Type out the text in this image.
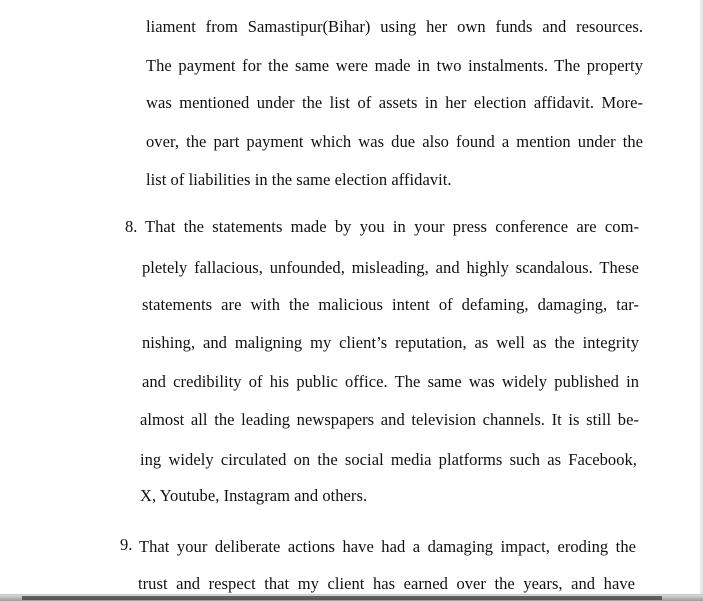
liament from Samastipur(Bihar) using her own funds and resources.
The payment for the same were made in two instalments. The property
was mentioned under the list of assets in her election affidavit. More-
over, the part payment which was due also found a mention under the
list of liabilities in the same election affidavit.
8. That the statements made by you in your press conference are com-
pletely fallacious, unfounded, misleading, and highly scandalous. These
statements are with the malicious intent of defaming, damaging, tar-
nishing, and maligning my client’s reputation, as well as the integrity
and credibility of his public office. The same was widely published in
almost all the leading newspapers and television channels. It is still be-
ing widely circulated on the social media platforms such as Facebook,
X, Youtube, Instagram and others.
9. That your deliberate actions have had a damaging impact, eroding the
trust and respect that my client has earned over the years, and have
